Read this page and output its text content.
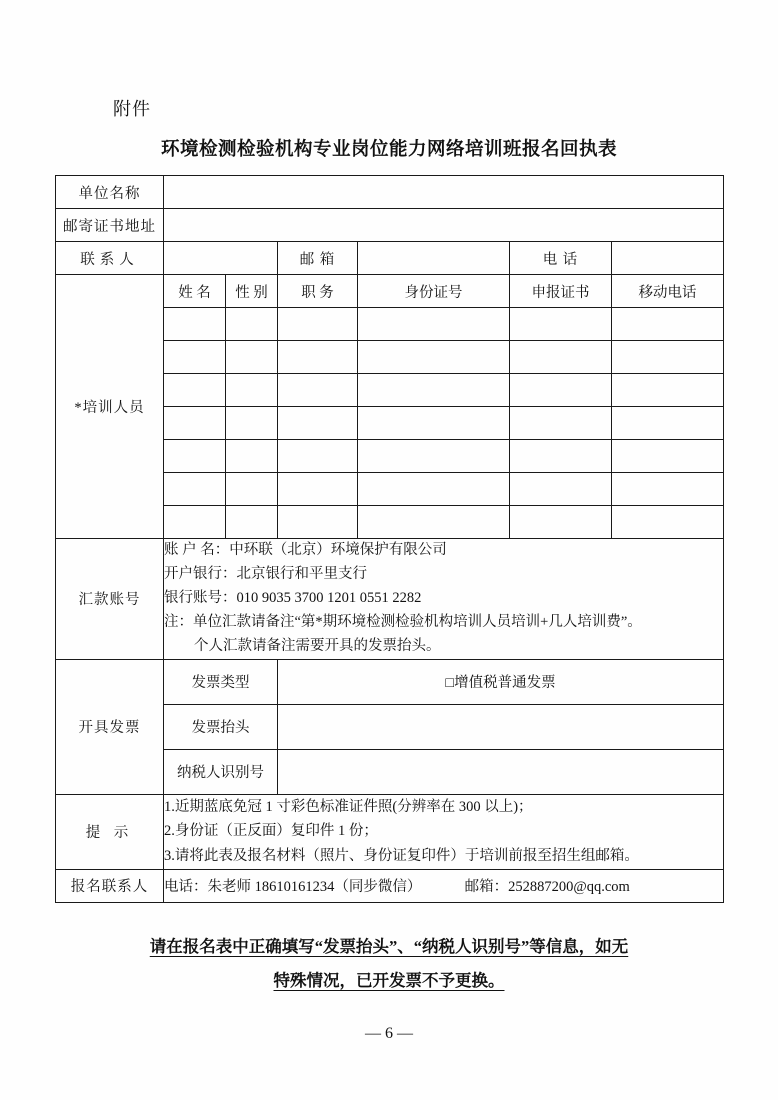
附件
环境检测检验机构专业岗位能力网络培训班报名回执表
单位名称						
邮寄证书地址						
联系人			邮 箱		电 话	
*培训人员	姓 名	性 别	职 务	身份证号	申报证书	移动电话

汇款账号	账 户 名：中环联（北京）环境保护有限公司
开户银行：北京银行和平里支行
银行账号：010 9035 3700 1201 0551 2282
注：单位汇款请备注“第*期环境检测检验机构培训人员培训+几人培训费”。
个人汇款请备注需要开具的发票抬头。					

开具发票	发票类型		□增值税普通发票			
	发票抬头					
	纳税人识别号					
提 示	1.近期蓝底免冠 1 寸彩色标准证件照(分辨率在 300 以上)；
2.身份证（正反面）复印件 1 份；
3.请将此表及报名材料（照片、身份证复印件）于培训前报至招生组邮箱。					

报名联系人	电话：朱老师 18610161234（同步微信） 邮箱：252887200@qq.com					
请在报名表中正确填写“发票抬头”、“纳税人识别号”等信息，如无
特殊情况，已开发票不予更换。
— 6 —
